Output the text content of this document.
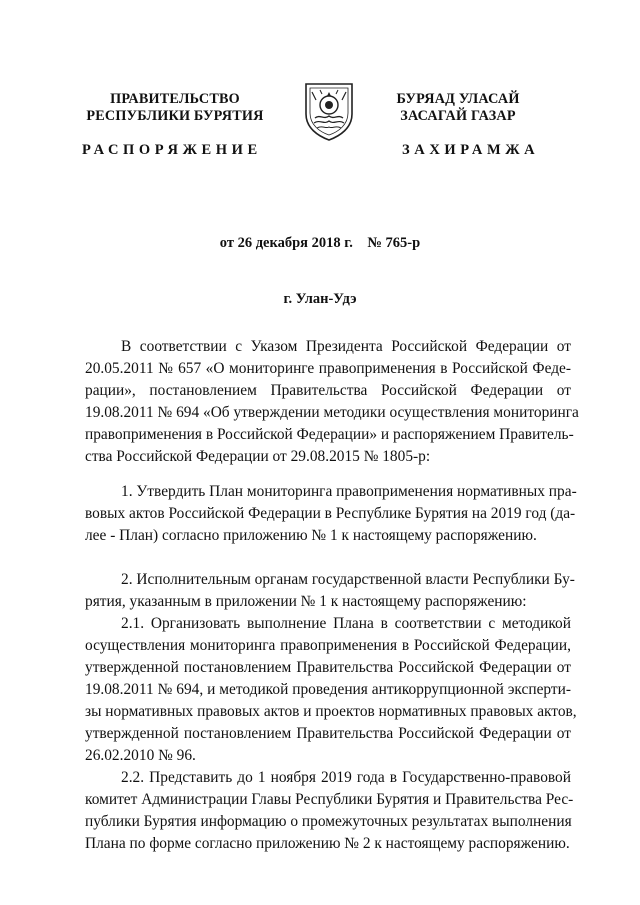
ПРАВИТЕЛЬСТВО
РЕСПУБЛИКИ БУРЯТИЯ
БУРЯАД УЛАСАЙ
ЗАСАГАЙ ГАЗАР
РАСПОРЯЖЕНИЕ	ЗАХИРАМЖА
от 26 декабря 2018 г.    № 765-р
г. Улан-Удэ
В соответствии с Указом Президента Российской Федерации от
20.05.2011 № 657 «О мониторинге правоприменения в Российской Феде-
рации», постановлением Правительства Российской Федерации от
19.08.2011 № 694 «Об утверждении методики осуществления мониторинга
правоприменения в Российской Федерации» и распоряжением Правитель-
ства Российской Федерации от 29.08.2015 № 1805-р:
1. Утвердить План мониторинга правоприменения нормативных пра-
вовых актов Российской Федерации в Республике Бурятия на 2019 год (да-
лее - План) согласно приложению № 1 к настоящему распоряжению.
2. Исполнительным органам государственной власти Республики Бу-
рятия, указанным в приложении № 1 к настоящему распоряжению:
2.1. Организовать выполнение Плана в соответствии с методикой
осуществления мониторинга правоприменения в Российской Федерации,
утвержденной постановлением Правительства Российской Федерации от
19.08.2011 № 694, и методикой проведения антикоррупционной эксперти-
зы нормативных правовых актов и проектов нормативных правовых актов,
утвержденной постановлением Правительства Российской Федерации от
26.02.2010 № 96.
2.2. Представить до 1 ноября 2019 года в Государственно-правовой
комитет Администрации Главы Республики Бурятия и Правительства Рес-
публики Бурятия информацию о промежуточных результатах выполнения
Плана по форме согласно приложению № 2 к настоящему распоряжению.
